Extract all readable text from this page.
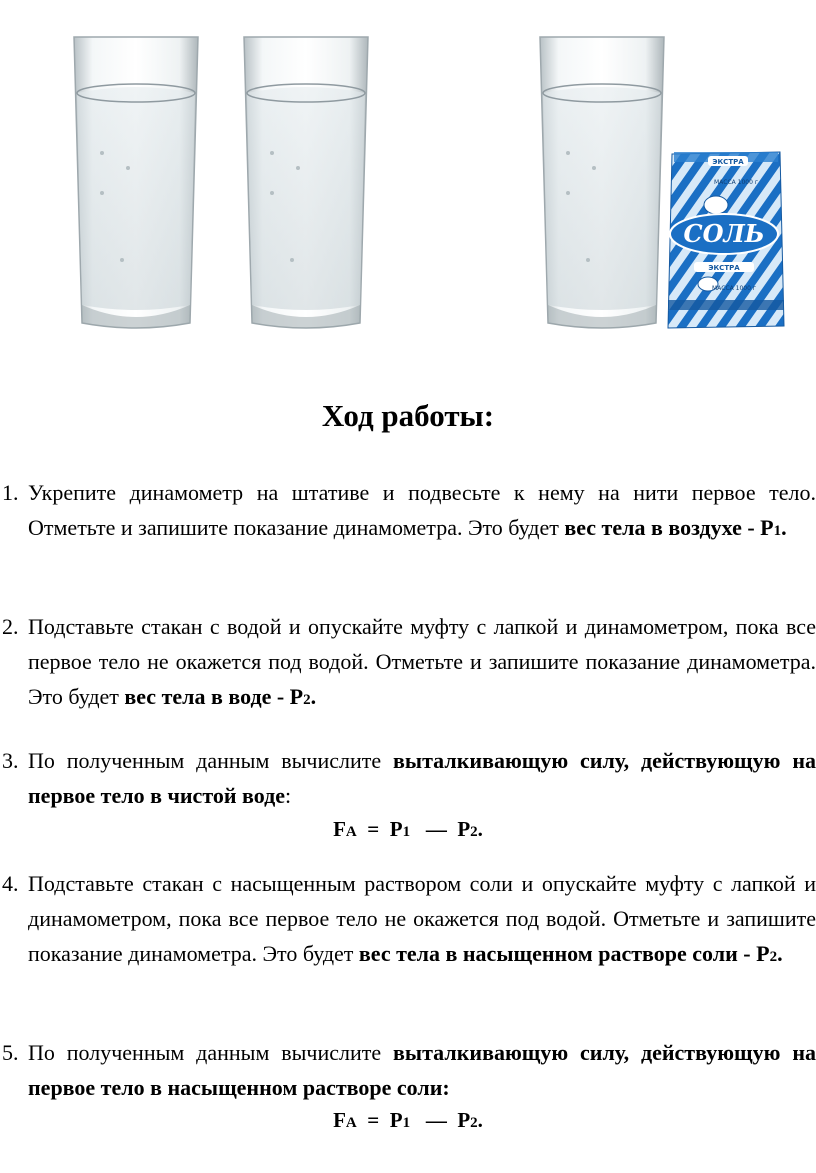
ЭКСТРА
МАССА 1000 г
СОЛЬ
ЭКСТРА
МАССА 1000 г
Ход работы:
1. Укрепите динамометр на штативе и подвесьте к нему на нити первое тело. Отметьте и запишите показание динамометра. Это будет вес тела в воздухе - Р1.
2. Подставьте стакан с водой и опускайте муфту с лапкой и динамометром, пока все первое тело не окажется под водой. Отметьте и запишите показание динамометра. Это будет вес тела в воде - Р2.
3. По полученным данным вычислите выталкивающую силу, действующую на первое тело в чистой воде:
FA = Р1 — Р2.
4. Подставьте стакан с насыщенным раствором соли и опускайте муфту с лапкой и динамометром, пока все первое тело не окажется под водой. Отметьте и запишите показание динамометра. Это будет вес тела в насыщенном растворе соли - Р2.
5. По полученным данным вычислите выталкивающую силу, действующую на первое тело в насыщенном растворе соли:
FA = Р1 — Р2.
